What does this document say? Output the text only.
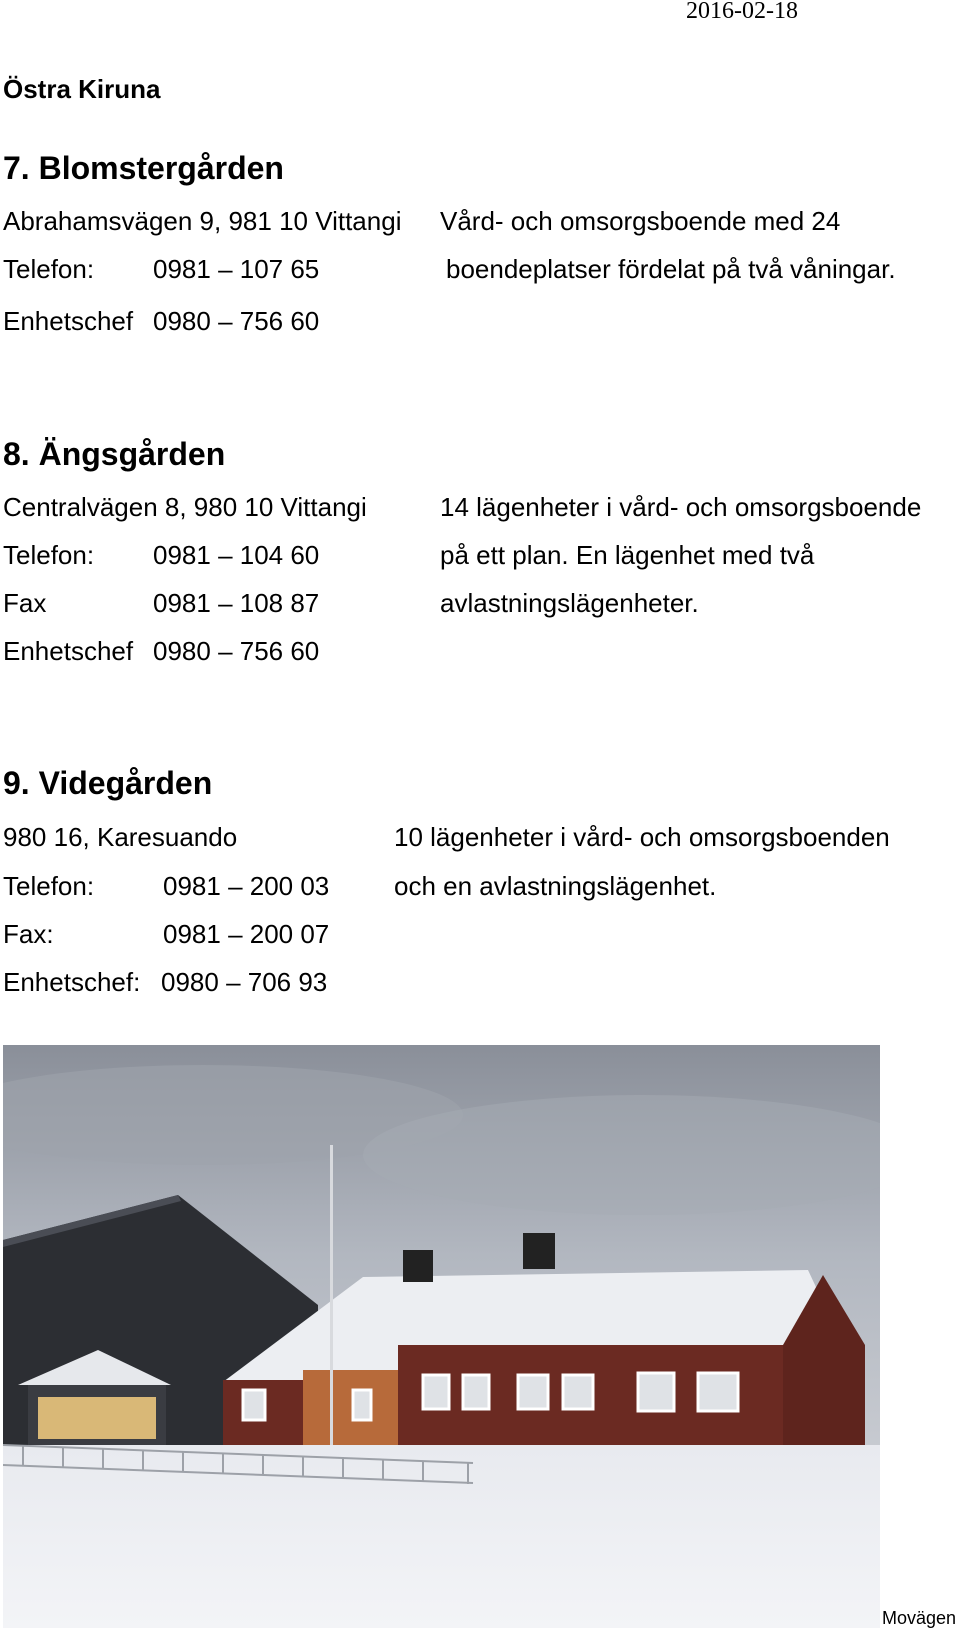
2016-02-18
Östra Kiruna
7. Blomstergården
Abrahamsvägen 9, 981 10 Vittangi
Telefon: 0981 – 107 65
Enhetschef 0980 – 756 60
Vård- och omsorgsboende med 24
boendeplatser fördelat på två våningar.
8. Ängsgården
Centralvägen 8, 980 10 Vittangi
Telefon: 0981 – 104 60
Fax	0981 – 108 87
Enhetschef 0980 – 756 60
14 lägenheter i vård- och omsorgsboende
på ett plan. En lägenhet med två
avlastningslägenheter.
9. Videgården
980 16, Karesuando
Telefon:	0981 – 200 03
Fax:	0981 – 200 07
Enhetschef: 0980 – 706 93
10 lägenheter i vård- och omsorgsboenden
och en avlastningslägenhet.
Movägen
